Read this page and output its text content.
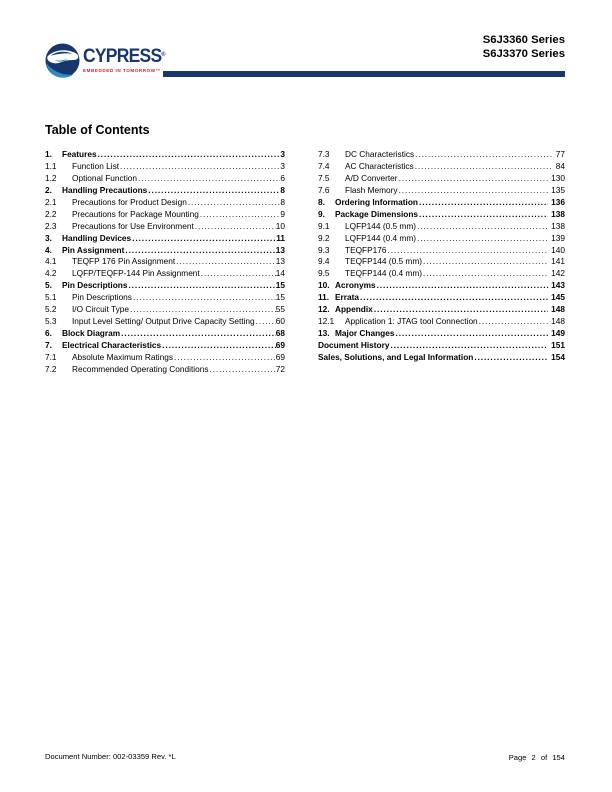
CYPRESS®
EMBEDDED IN TOMORROW™
S6J3360 Series
S6J3370 Series
Table of Contents
1.	Features .....	3
1.1	Function List .....	3
1.2	Optional Function .....	6
2.	Handling Precautions .....	8
2.1	Precautions for Product Design .....	8
2.2	Precautions for Package Mounting .....	9
2.3	Precautions for Use Environment .....	10
3.	Handling Devices .....	11
4.	Pin Assignment .....	13
4.1	TEQFP 176 Pin Assignment .....	13
4.2	LQFP/TEQFP-144 Pin Assignment .....	14
5.	Pin Descriptions .....	15
5.1	Pin Descriptions .....	15
5.2	I/O Circuit Type .....	55
5.3	Input Level Setting/ Output Drive Capacity Setting .....	60
6.	Block Diagram .....	68
7.	Electrical Characteristics .....	69
7.1	Absolute Maximum Ratings .....	69
7.2	Recommended Operating Conditions .....	72
7.3	DC Characteristics .....	77
7.4	AC Characteristics .....	84
7.5	A/D Converter .....	130
7.6	Flash Memory .....	135
8.	Ordering Information .....	136
9.	Package Dimensions .....	138
9.1	LQFP144 (0.5 mm) .....	138
9.2	LQFP144 (0.4 mm) .....	139
9.3	TEQFP176 .....	140
9.4	TEQFP144 (0.5 mm) .....	141
9.5	TEQFP144 (0.4 mm) .....	142
10. Acronyms .....	143
11. Errata .....	145
12. Appendix .....	148
12.1	Application 1: JTAG tool Connection .....	148
13. Major Changes .....	149
Document History .....	151
Sales, Solutions, and Legal Information .....	154
Document Number: 002-03359 Rev. *L	Page 2 of 154
